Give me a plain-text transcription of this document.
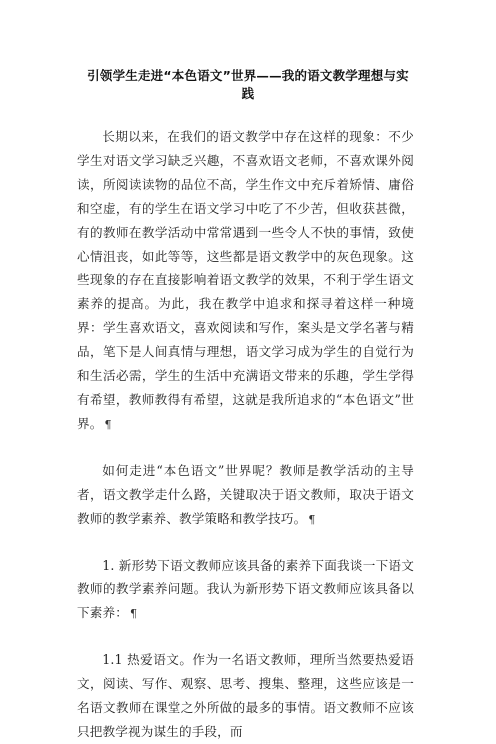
引领学生走进“本色语文”世界——我的语文教学理想与实践

长期以来，在我们的语文教学中存在这样的现象：不少学生对语文学习缺乏兴趣，不喜欢语文老师，不喜欢课外阅读，所阅读读物的品位不高，学生作文中充斥着矫情、庸俗和空虚，有的学生在语文学习中吃了不少苦，但收获甚微，有的教师在教学活动中常常遇到一些令人不快的事情，致使心情沮丧，如此等等，这些都是语文教学中的灰色现象。这些现象的存在直接影响着语文教学的效果，不利于学生语文素养的提高。为此，我在教学中追求和探寻着这样一种境界：学生喜欢语文，喜欢阅读和写作，案头是文学名著与精品，笔下是人间真情与理想，语文学习成为学生的自觉行为和生活必需，学生的生活中充满语文带来的乐趣，学生学得有希望，教师教得有希望，这就是我所追求的“本色语文”世界。 ¶

如何走进“本色语文”世界呢？教师是教学活动的主导者，语文教学走什么路，关键取决于语文教师，取决于语文教师的教学素养、教学策略和教学技巧。 ¶

1. 新形势下语文教师应该具备的素养下面我谈一下语文教师的教学素养问题。我认为新形势下语文教师应该具备以下素养： ¶

1.1 热爱语文。作为一名语文教师，理所当然要热爱语文，阅读、写作、观察、思考、搜集、整理，这些应该是一名语文教师在课堂之外所做的最多的事情。语文教师不应该只把教学视为谋生的手段，而
